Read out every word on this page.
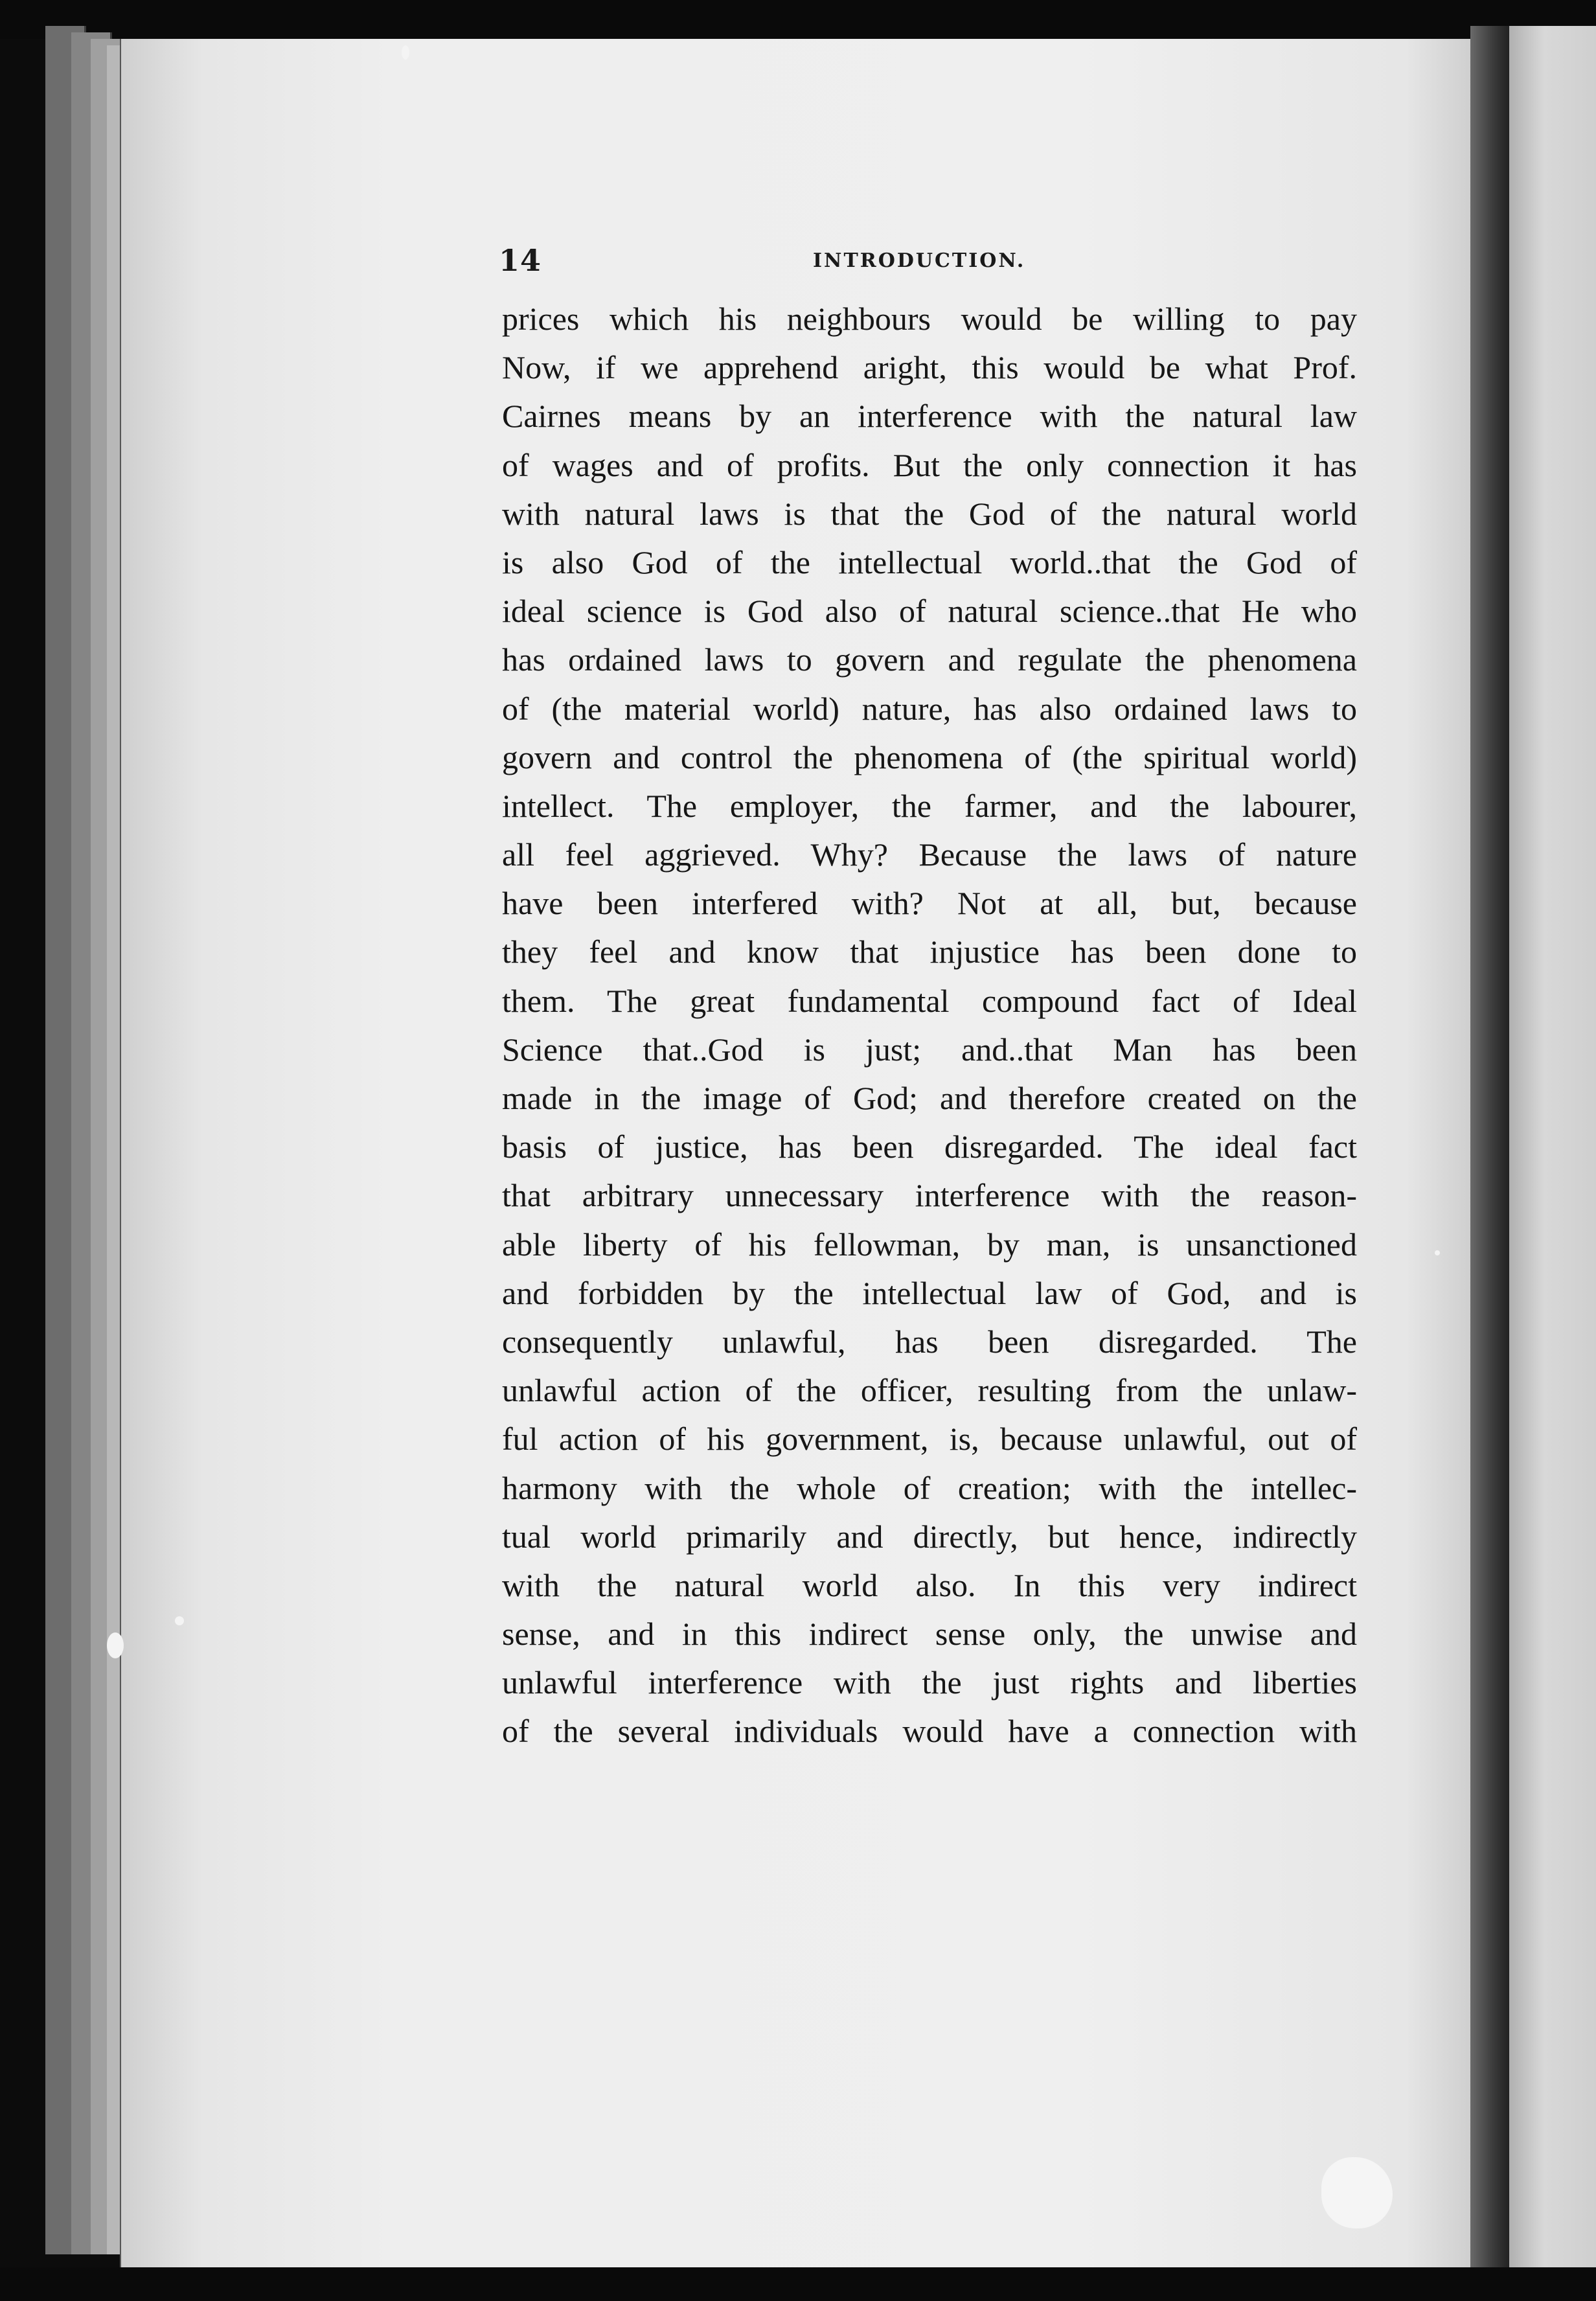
14	INTRODUCTION.
prices which his neighbours would be willing to pay
Now, if we apprehend aright, this would be what Prof.
Cairnes means by an interference with the natural law
of wages and of profits. But the only connection it has
with natural laws is that the God of the natural world
is also God of the intellectual world..that the God of
ideal science is God also of natural science..that He who
has ordained laws to govern and regulate the phenomena
of (the material world) nature, has also ordained laws to
govern and control the phenomena of (the spiritual world)
intellect. The employer, the farmer, and the labourer,
all feel aggrieved. Why? Because the laws of nature
have been interfered with? Not at all, but, because
they feel and know that injustice has been done to
them. The great fundamental compound fact of Ideal
Science that..God is just; and..that Man has been
made in the image of God; and therefore created on the
basis of justice, has been disregarded. The ideal fact
that arbitrary unnecessary interference with the reason-
able liberty of his fellowman, by man, is unsanctioned
and forbidden by the intellectual law of God, and is
consequently unlawful, has been disregarded. The
unlawful action of the officer, resulting from the unlaw-
ful action of his government, is, because unlawful, out of
harmony with the whole of creation; with the intellec-
tual world primarily and directly, but hence, indirectly
with the natural world also. In this very indirect
sense, and in this indirect sense only, the unwise and
unlawful interference with the just rights and liberties
of the several individuals would have a connection with
